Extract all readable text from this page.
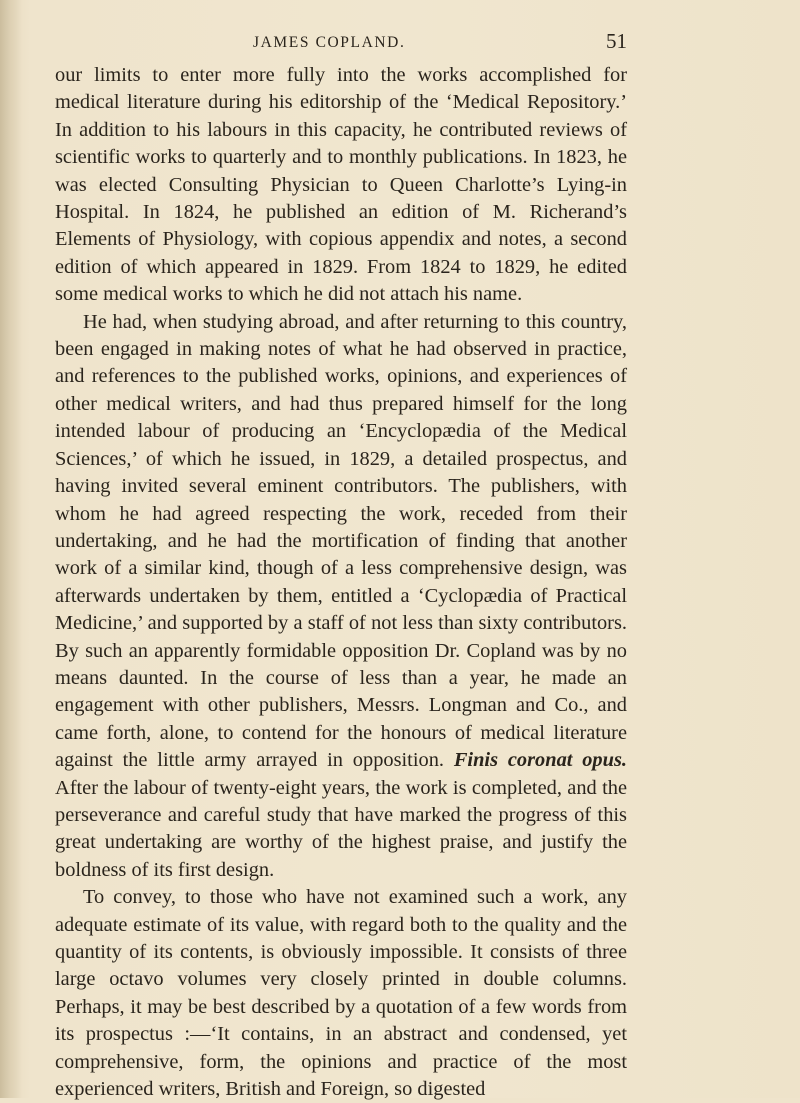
JAMES COPLAND.	51

our limits to enter more fully into the works accomplished for medical literature during his editorship of the ‘Medical Repository.’ In addition to his labours in this capacity, he contributed reviews of scientific works to quarterly and to monthly publications. In 1823, he was elected Consulting Physician to Queen Charlotte’s Lying-in Hospital. In 1824, he published an edition of M. Richerand’s Elements of Physiology, with copious appendix and notes, a second edition of which appeared in 1829. From 1824 to 1829, he edited some medical works to which he did not attach his name.

He had, when studying abroad, and after returning to this country, been engaged in making notes of what he had observed in practice, and references to the published works, opinions, and experiences of other medical writers, and had thus prepared himself for the long intended labour of producing an ‘Encyclopædia of the Medical Sciences,’ of which he issued, in 1829, a detailed prospectus, and having invited several eminent contributors. The publishers, with whom he had agreed respecting the work, receded from their undertaking, and he had the mortification of finding that another work of a similar kind, though of a less comprehensive design, was afterwards undertaken by them, entitled a ‘Cyclopædia of Practical Medicine,’ and supported by a staff of not less than sixty contributors. By such an apparently formidable opposition Dr. Copland was by no means daunted. In the course of less than a year, he made an engagement with other publishers, Messrs. Longman and Co., and came forth, alone, to contend for the honours of medical literature against the little army arrayed in opposition. Finis coronat opus. After the labour of twenty-eight years, the work is completed, and the perseverance and careful study that have marked the progress of this great undertaking are worthy of the highest praise, and justify the boldness of its first design.

To convey, to those who have not examined such a work, any adequate estimate of its value, with regard both to the quality and the quantity of its contents, is obviously impossible. It consists of three large octavo volumes very closely printed in double columns. Perhaps, it may be best described by a quotation of a few words from its prospectus :—‘It contains, in an abstract and condensed, yet comprehensive, form, the opinions and practice of the most experienced writers, British and Foreign, so digested
